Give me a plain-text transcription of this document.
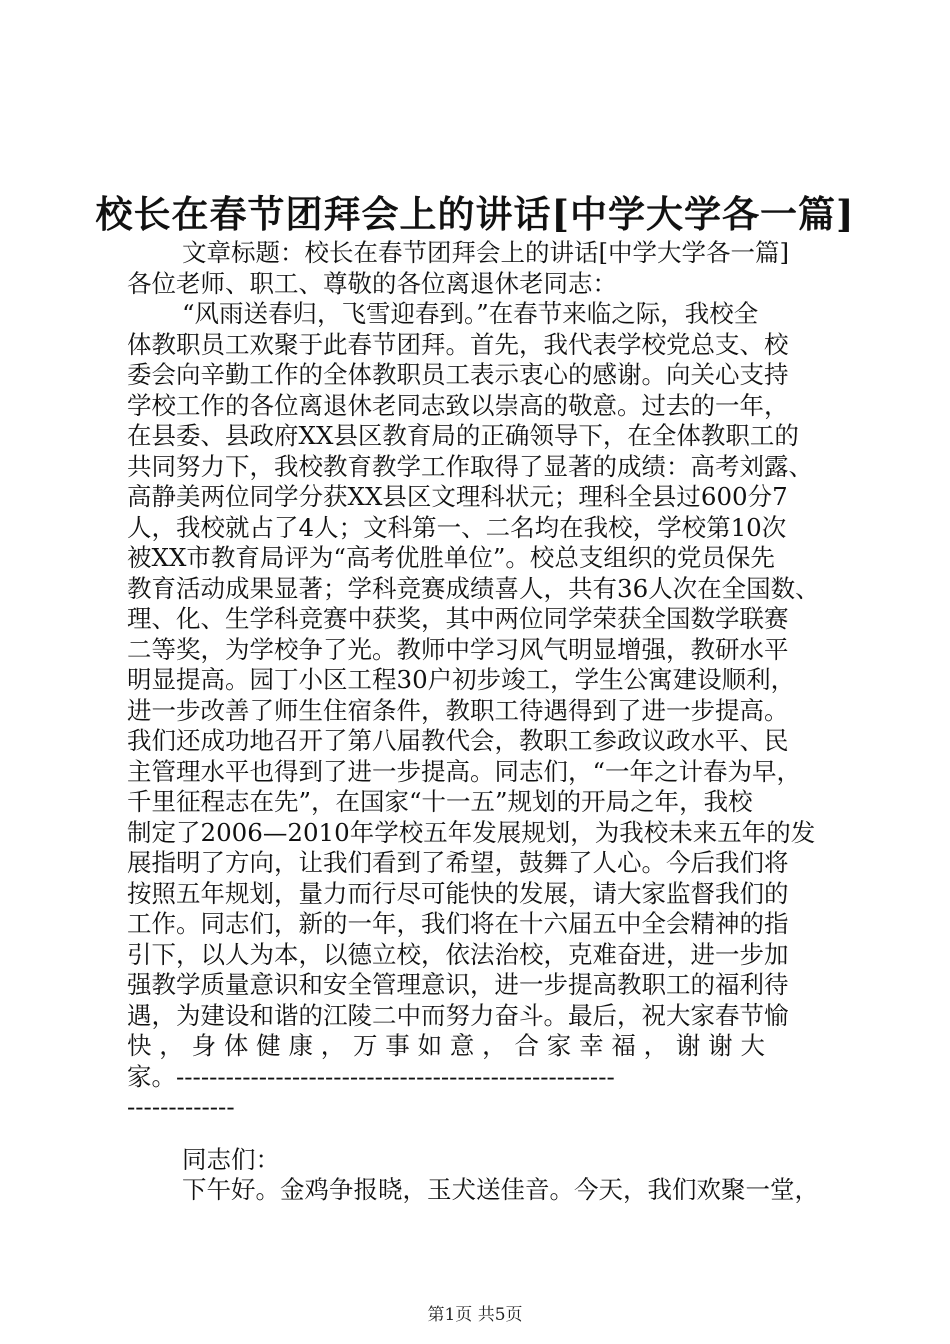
校长在春节团拜会上的讲话[中学大学各一篇]
文章标题：校长在春节团拜会上的讲话[中学大学各一篇]
各位老师、职工、尊敬的各位离退休老同志：
“风雨送春归，飞雪迎春到。”在春节来临之际，我校全
体教职员工欢聚于此春节团拜。首先，我代表学校党总支、校
委会向辛勤工作的全体教职员工表示衷心的感谢。向关心支持
学校工作的各位离退休老同志致以崇高的敬意。过去的一年，
在县委、县政府XX县区教育局的正确领导下，在全体教职工的
共同努力下，我校教育教学工作取得了显著的成绩：高考刘露、
高静美两位同学分获XX县区文理科状元；理科全县过600分7
人，我校就占了4人；文科第一、二名均在我校，学校第10次
被XX市教育局评为“高考优胜单位”。校总支组织的党员保先
教育活动成果显著；学科竞赛成绩喜人，共有36人次在全国数、
理、化、生学科竞赛中获奖，其中两位同学荣获全国数学联赛
二等奖，为学校争了光。教师中学习风气明显增强，教研水平
明显提高。园丁小区工程30户初步竣工，学生公寓建设顺利，
进一步改善了师生住宿条件，教职工待遇得到了进一步提高。
我们还成功地召开了第八届教代会，教职工参政议政水平、民
主管理水平也得到了进一步提高。同志们，“一年之计春为早，
千里征程志在先”，在国家“十一五”规划的开局之年，我校
制定了2006—2010年学校五年发展规划，为我校未来五年的发
展指明了方向，让我们看到了希望，鼓舞了人心。今后我们将
按照五年规划，量力而行尽可能快的发展，请大家监督我们的
工作。同志们，新的一年，我们将在十六届五中全会精神的指
引下，以人为本，以德立校，依法治校，克难奋进，进一步加
强教学质量意识和安全管理意识，进一步提高教职工的福利待
遇，为建设和谐的江陵二中而努力奋斗。最后，祝大家春节愉
快 ， 身 体 健 康 ， 万 事 如 意 ， 合 家 幸 福 ， 谢 谢 大
家。-----------------------------------------------------
-------------
同志们：
下午好。金鸡争报晓，玉犬送佳音。今天，我们欢聚一堂，
第1页 共5页
